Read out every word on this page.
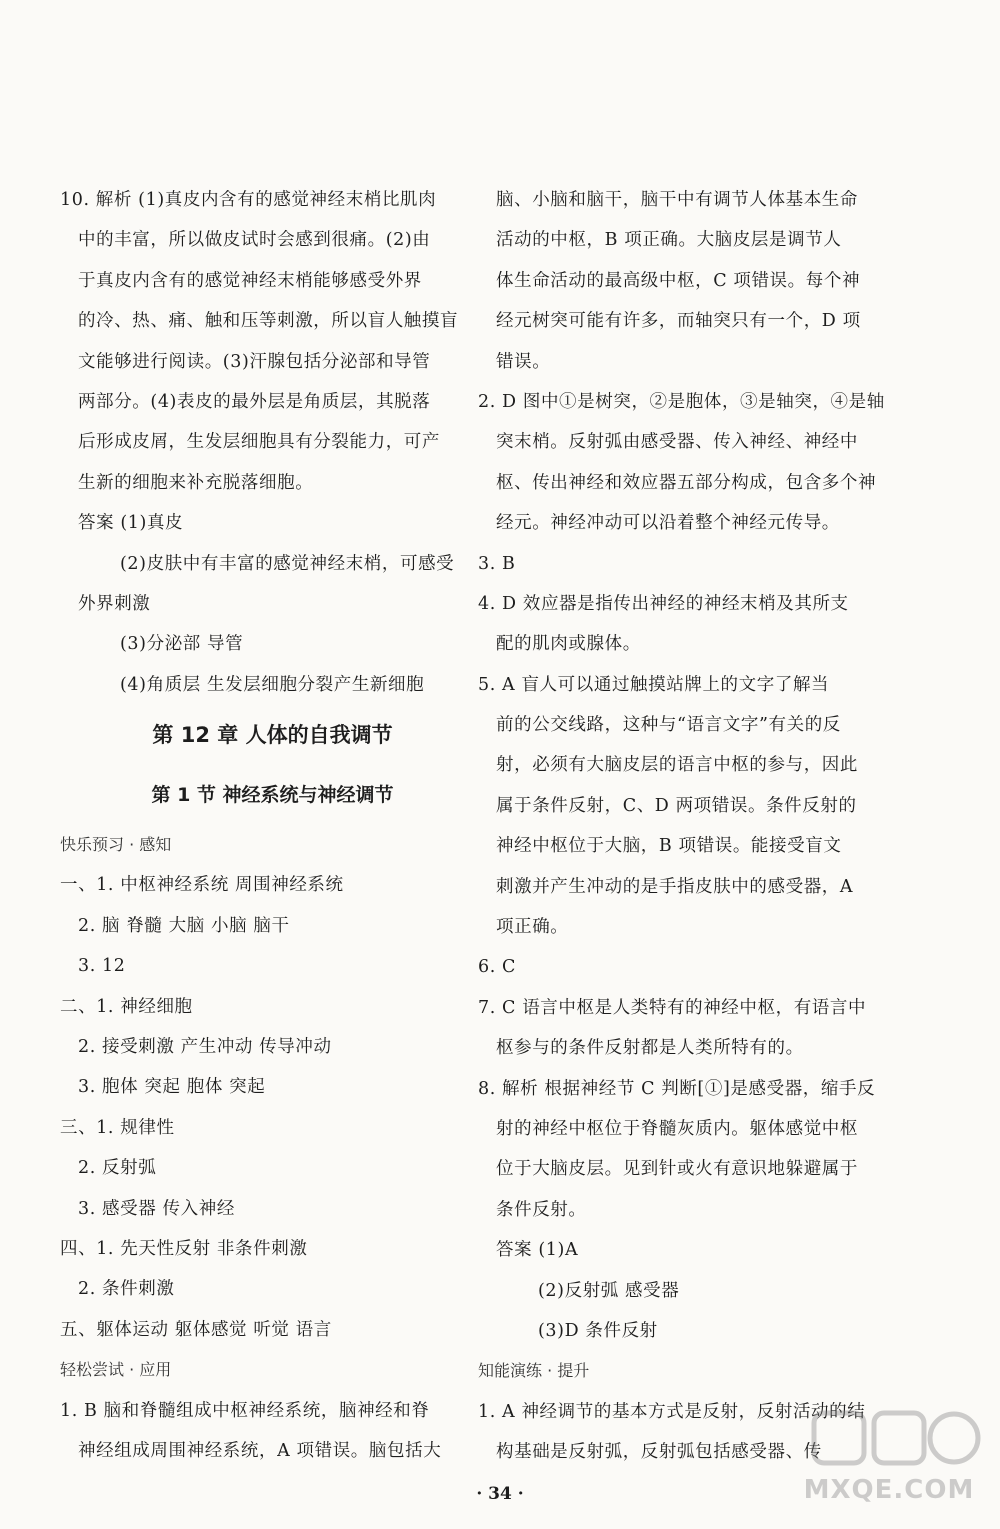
10. 解析 (1)真皮内含有的感觉神经末梢比肌肉
中的丰富，所以做皮试时会感到很痛。(2)由
于真皮内含有的感觉神经末梢能够感受外界
的冷、热、痛、触和压等刺激，所以盲人触摸盲
文能够进行阅读。(3)汗腺包括分泌部和导管
两部分。(4)表皮的最外层是角质层，其脱落
后形成皮屑，生发层细胞具有分裂能力，可产
生新的细胞来补充脱落细胞。
答案 (1)真皮
(2)皮肤中有丰富的感觉神经末梢，可感受
外界刺激
(3)分泌部 导管
(4)角质层 生发层细胞分裂产生新细胞
第 12 章 人体的自我调节
第 1 节 神经系统与神经调节
快乐预习 · 感知
一、1. 中枢神经系统 周围神经系统
2. 脑 脊髓 大脑 小脑 脑干
3. 12
二、1. 神经细胞
2. 接受刺激 产生冲动 传导冲动
3. 胞体 突起 胞体 突起
三、1. 规律性
2. 反射弧
3. 感受器 传入神经
四、1. 先天性反射 非条件刺激
2. 条件刺激
五、躯体运动 躯体感觉 听觉 语言
轻松尝试 · 应用
1. B 脑和脊髓组成中枢神经系统，脑神经和脊
神经组成周围神经系统，A 项错误。脑包括大
脑、小脑和脑干，脑干中有调节人体基本生命
活动的中枢，B 项正确。大脑皮层是调节人
体生命活动的最高级中枢，C 项错误。每个神
经元树突可能有许多，而轴突只有一个，D 项
错误。
2. D 图中①是树突，②是胞体，③是轴突，④是轴
突末梢。反射弧由感受器、传入神经、神经中
枢、传出神经和效应器五部分构成，包含多个神
经元。神经冲动可以沿着整个神经元传导。
3. B
4. D 效应器是指传出神经的神经末梢及其所支
配的肌肉或腺体。
5. A 盲人可以通过触摸站牌上的文字了解当
前的公交线路，这种与“语言文字”有关的反
射，必须有大脑皮层的语言中枢的参与，因此
属于条件反射，C、D 两项错误。条件反射的
神经中枢位于大脑，B 项错误。能接受盲文
刺激并产生冲动的是手指皮肤中的感受器，A
项正确。
6. C
7. C 语言中枢是人类特有的神经中枢，有语言中
枢参与的条件反射都是人类所特有的。
8. 解析 根据神经节 C 判断[①]是感受器，缩手反
射的神经中枢位于脊髓灰质内。躯体感觉中枢
位于大脑皮层。见到针或火有意识地躲避属于
条件反射。
答案 (1)A
(2)反射弧 感受器
(3)D 条件反射
知能演练 · 提升
1. A 神经调节的基本方式是反射，反射活动的结
构基础是反射弧，反射弧包括感受器、传
MXQE.COM
· 34 ·
